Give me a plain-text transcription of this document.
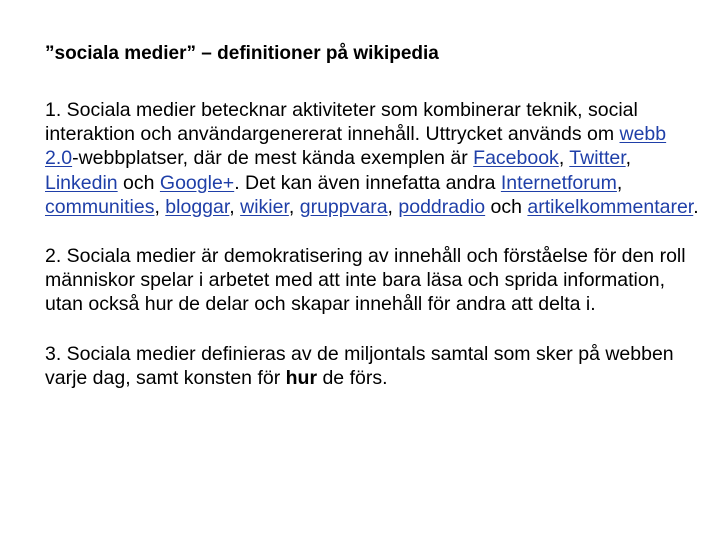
”sociala medier” – definitioner på wikipedia

1. Sociala medier betecknar aktiviteter som kombinerar teknik, social interaktion och användargenererat innehåll. Uttrycket används om webb 2.0-webbplatser, där de mest kända exemplen är Facebook, Twitter, Linkedin och Google+. Det kan även innefatta andra Internetforum, communities, bloggar, wikier, gruppvara, poddradio och artikelkommentarer.

2. Sociala medier är demokratisering av innehåll och förståelse för den roll människor spelar i arbetet med att inte bara läsa och sprida information, utan också hur de delar och skapar innehåll för andra att delta i.

3. Sociala medier definieras av de miljontals samtal som sker på webben varje dag, samt konsten för hur de förs.
